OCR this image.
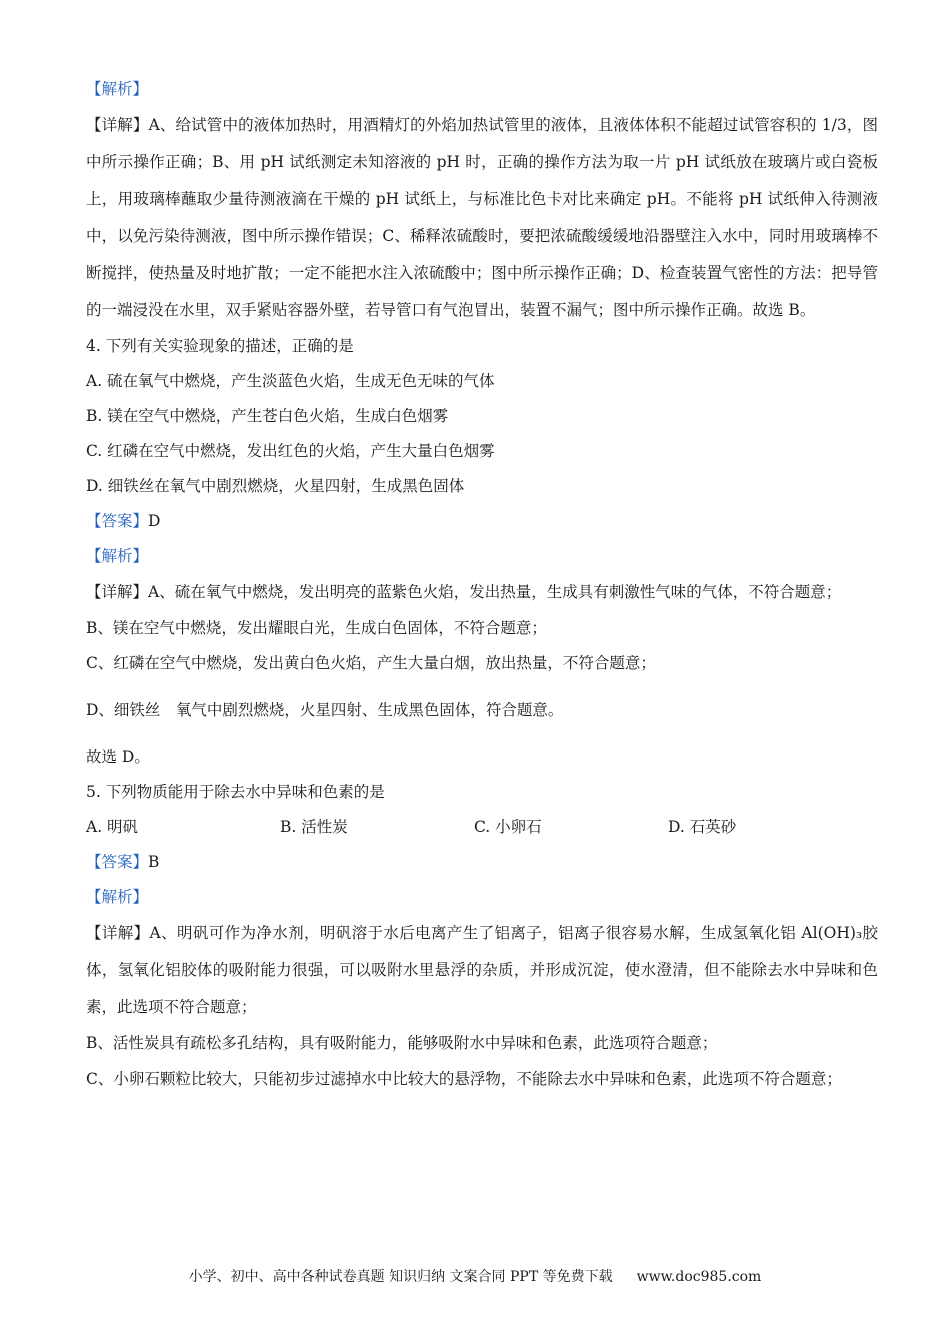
【解析】
【详解】A、给试管中的液体加热时，用酒精灯的外焰加热试管里的液体，且液体体积不能超过试管容积的 1/3，图中所示操作正确；B、用 pH 试纸测定未知溶液的 pH 时，正确的操作方法为取一片 pH 试纸放在玻璃片或白瓷板上，用玻璃棒蘸取少量待测液滴在干燥的 pH 试纸上，与标准比色卡对比来确定 pH。不能将 pH 试纸伸入待测液中，以免污染待测液，图中所示操作错误；C、稀释浓硫酸时，要把浓硫酸缓缓地沿器壁注入水中，同时用玻璃棒不断搅拌，使热量及时地扩散；一定不能把水注入浓硫酸中；图中所示操作正确；D、检查装置气密性的方法：把导管的一端浸没在水里，双手紧贴容器外壁，若导管口有气泡冒出，装置不漏气；图中所示操作正确。故选 B。
4. 下列有关实验现象的描述，正确的是
A. 硫在氧气中燃烧，产生淡蓝色火焰，生成无色无味的气体
B. 镁在空气中燃烧，产生苍白色火焰，生成白色烟雾
C. 红磷在空气中燃烧，发出红色的火焰，产生大量白色烟雾
D. 细铁丝在氧气中剧烈燃烧，火星四射，生成黑色固体
【答案】D
【解析】
【详解】A、硫在氧气中燃烧，发出明亮的蓝紫色火焰，发出热量，生成具有刺激性气味的气体，不符合题意；
B、镁在空气中燃烧，发出耀眼白光，生成白色固体，不符合题意；
C、红磷在空气中燃烧，发出黄白色火焰，产生大量白烟，放出热量，不符合题意；
D、细铁丝　氧气中剧烈燃烧，火星四射、生成黑色固体，符合题意。
故选 D。
5. 下列物质能用于除去水中异味和色素的是
A. 明矾	B. 活性炭	C. 小卵石	D. 石英砂
【答案】B
【解析】
【详解】A、明矾可作为净水剂，明矾溶于水后电离产生了铝离子，铝离子很容易水解，生成氢氧化铝 Al(OH)₃胶体，氢氧化铝胶体的吸附能力很强，可以吸附水里悬浮的杂质，并形成沉淀，使水澄清，但不能除去水中异味和色素，此选项不符合题意；
B、活性炭具有疏松多孔结构，具有吸附能力，能够吸附水中异味和色素，此选项符合题意；
C、小卵石颗粒比较大，只能初步过滤掉水中比较大的悬浮物，不能除去水中异味和色素，此选项不符合题意；
小学、初中、高中各种试卷真题 知识归纳 文案合同 PPT 等免费下载 www.doc985.com
